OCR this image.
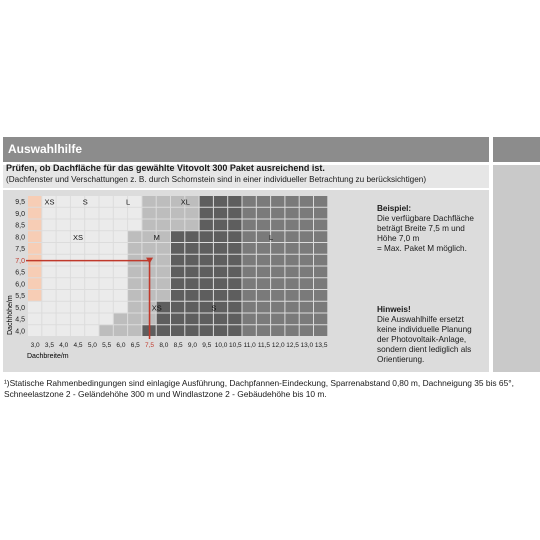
Auswahlhilfe
Prüfen, ob Dachfläche für das gewählte Vitovolt 300 Paket ausreichend ist.
(Dachfenster und Verschattungen z. B. durch Schornstein sind in einer individueller Betrachtung zu berücksichtigen)
9,5
9,0
8,5
8,0
7,5
7,0
6,5
6,0
5,5
5,0
4,5
4,0
3,0 3,5 4,0 4,5 5,0 5,5 6,0 6,5 7,5 8,0 8,5 9,0 9,5 10,0 10,5 11,0 11,5 12,0 12,5 13,0 13,5
Dachhöhe/m
Dachbreite/m
XS	S	L	XL
XS	M	L
XS	S
Beispiel:
Die verfügbare Dachfläche
beträgt Breite 7,5 m und
Höhe 7,0 m
= Max. Paket M möglich.
Hinweis!
Die Auswahlhilfe ersetzt
keine individuelle Planung
der Photovoltaik-Anlage,
sondern dient lediglich als
Orientierung.
¹)Statische Rahmenbedingungen sind einlagige Ausführung, Dachpfannen-Eindeckung, Sparrenabstand 0,80 m, Dachneigung 35 bis 65°,
Schneelastzone 2 - Geländehöhe 300 m und Windlastzone 2 - Gebäudehöhe bis 10 m.
